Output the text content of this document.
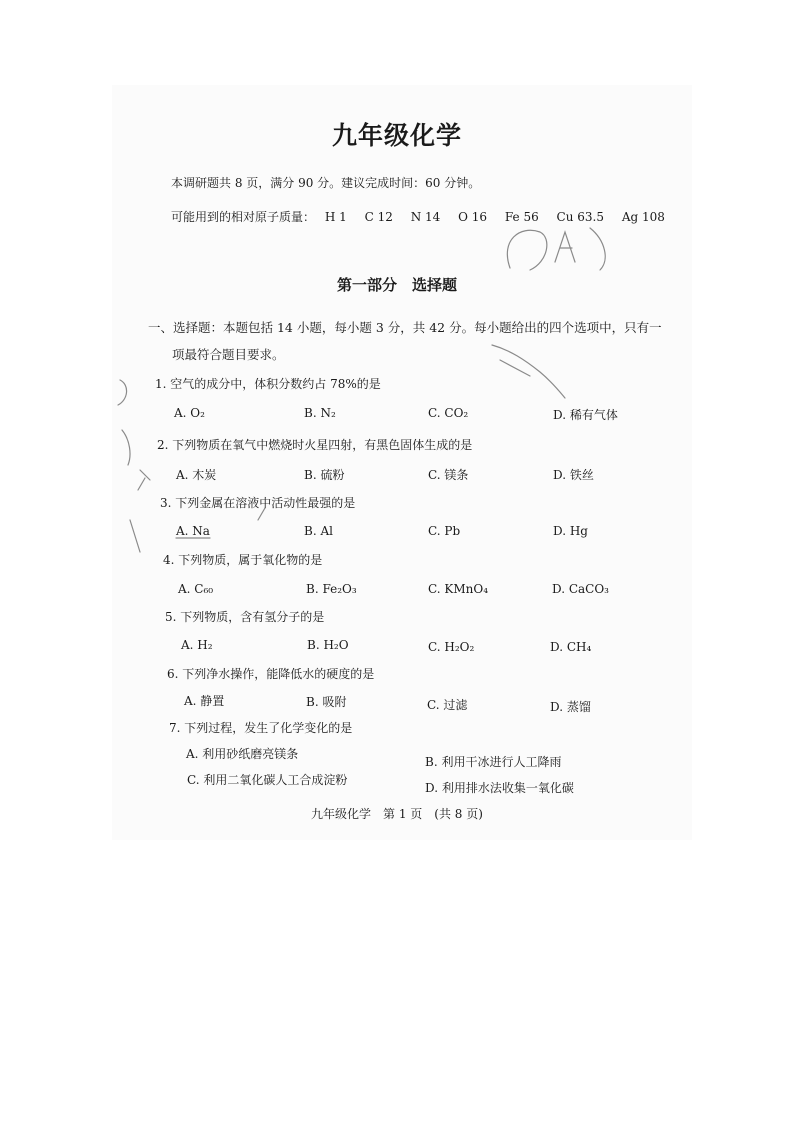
九年级化学
本调研题共 8 页，满分 90 分。建议完成时间：60 分钟。
可能用到的相对原子质量： H 1 C 12 N 14 O 16 Fe 56 Cu 63.5 Ag 108
第一部分　选择题
一、选择题：本题包括 14 小题，每小题 3 分，共 42 分。每小题给出的四个选项中，只有一
项最符合题目要求。
1. 空气的成分中，体积分数约占 78%的是
A. O₂	B. N₂	C. CO₂	D. 稀有气体
2. 下列物质在氧气中燃烧时火星四射，有黑色固体生成的是
A. 木炭	B. 硫粉	C. 镁条	D. 铁丝
3. 下列金属在溶液中活动性最强的是
A. Na	B. Al	C. Pb	D. Hg
4. 下列物质，属于氧化物的是
A. C₆₀	B. Fe₂O₃	C. KMnO₄	D. CaCO₃
5. 下列物质，含有氢分子的是
A. H₂	B. H₂O	C. H₂O₂	D. CH₄
6. 下列净水操作，能降低水的硬度的是
A. 静置	B. 吸附	C. 过滤	D. 蒸馏
7. 下列过程，发生了化学变化的是
A. 利用砂纸磨亮镁条
B. 利用干冰进行人工降雨
C. 利用二氧化碳人工合成淀粉
D. 利用排水法收集一氧化碳
九年级化学　第 1 页　(共 8 页)
